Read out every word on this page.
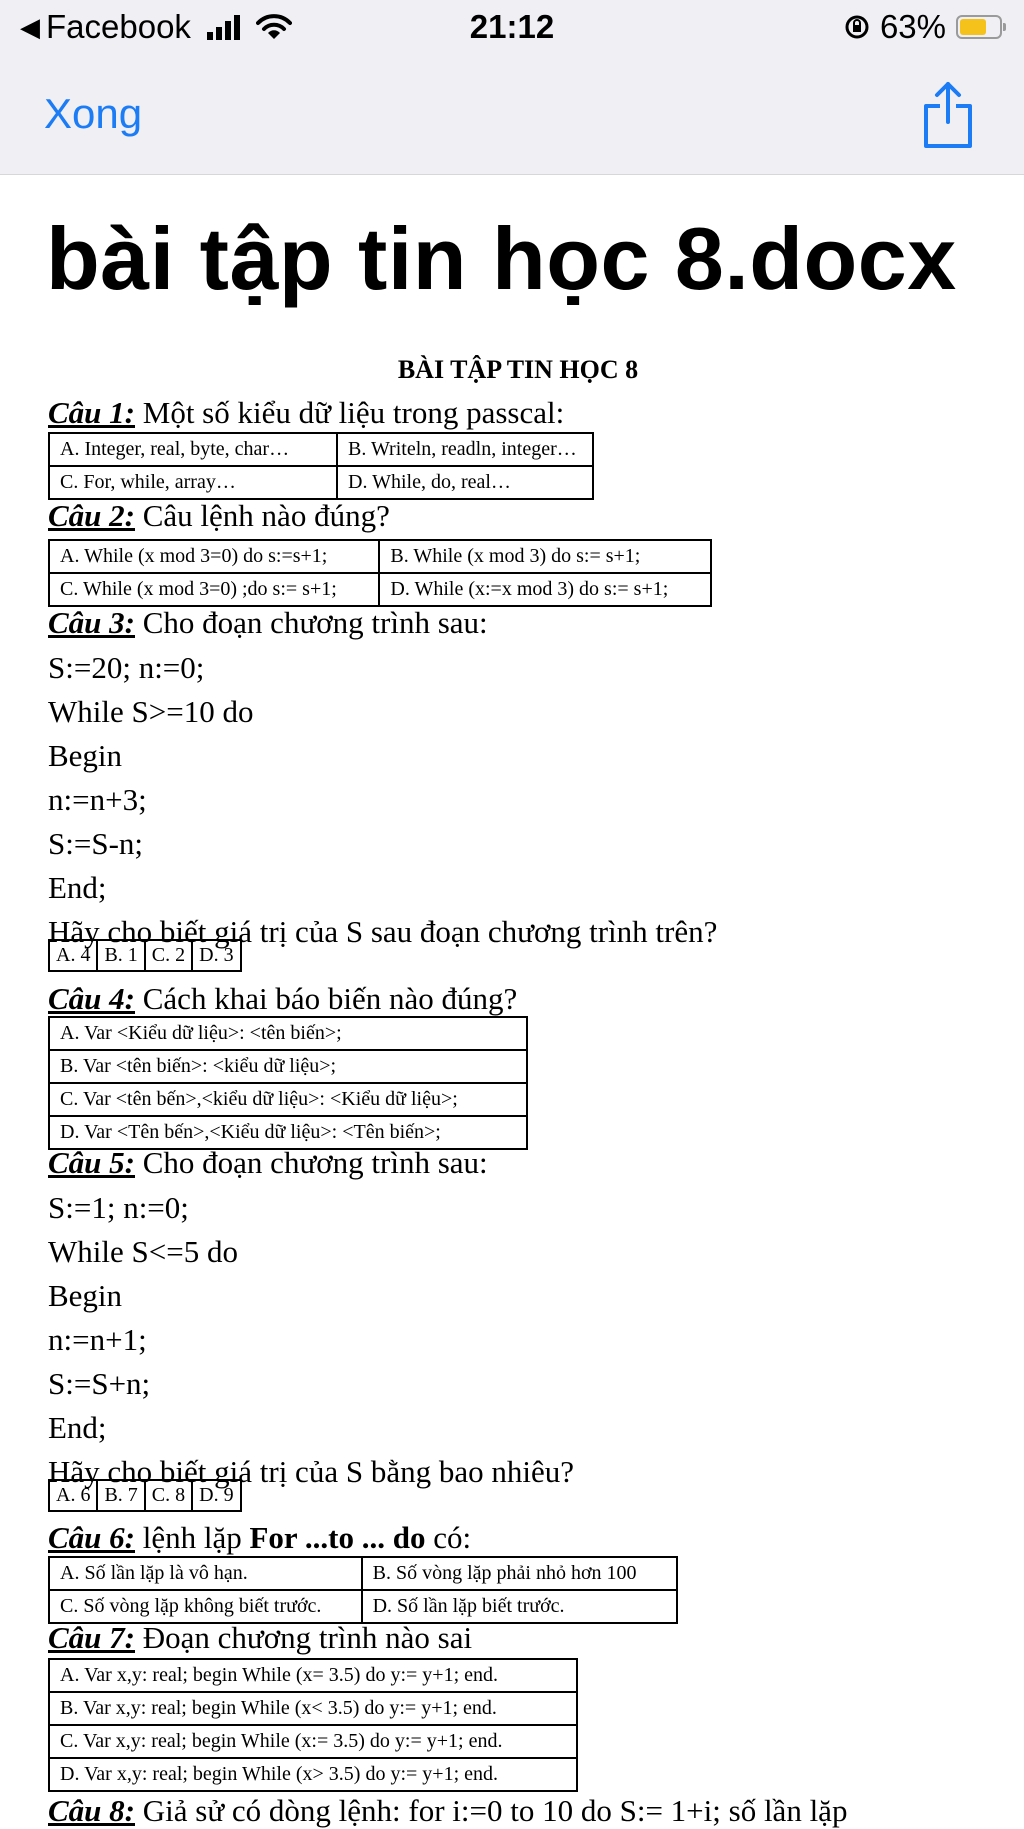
◀ Facebook	21:12	63%
Xong
bài tập tin học 8.docx
BÀI TẬP TIN HỌC 8
Câu 1: Một số kiểu dữ liệu trong passcal:
A. Integer, real, byte, char…	B. Writeln, readln, integer…
C. For, while, array…	D. While, do, real…
Câu 2: Câu lệnh nào đúng?
A. While (x mod 3=0) do s:=s+1;	B. While (x mod 3) do s:= s+1;
C. While (x mod 3=0) ;do s:= s+1;	D. While (x:=x mod 3) do s:= s+1;
Câu 3: Cho đoạn chương trình sau:
S:=20; n:=0;
While S>=10 do
Begin
n:=n+3;
S:=S-n;
End;
Hãy cho biết giá trị của S sau đoạn chương trình trên?
A. 4	B. 1	C. 2	D. 3
Câu 4: Cách khai báo biến nào đúng?
A. Var <Kiểu dữ liệu>: <tên biến>;
B. Var <tên biến>: <kiểu dữ liệu>;
C. Var <tên bến>,<kiểu dữ liệu>: <Kiểu dữ liệu>;
D. Var <Tên bến>,<Kiểu dữ liệu>: <Tên biến>;
Câu 5: Cho đoạn chương trình sau:
S:=1; n:=0;
While S<=5 do
Begin
n:=n+1;
S:=S+n;
End;
Hãy cho biết giá trị của S bằng bao nhiêu?
A. 6	B. 7	C. 8	D. 9
Câu 6: lệnh lặp For ...to ... do có:
A. Số lần lặp là vô hạn.	B. Số vòng lặp phải nhỏ hơn 100
C. Số vòng lặp không biết trước.	D. Số lần lặp biết trước.
Câu 7: Đoạn chương trình nào sai
A. Var x,y: real; begin While (x= 3.5) do y:= y+1; end.
B. Var x,y: real; begin While (x< 3.5) do y:= y+1; end.
C. Var x,y: real; begin While (x:= 3.5) do y:= y+1; end.
D. Var x,y: real; begin While (x> 3.5) do y:= y+1; end.
Câu 8: Giả sử có dòng lệnh: for i:=0 to 10 do S:= 1+i; số lần lặp
